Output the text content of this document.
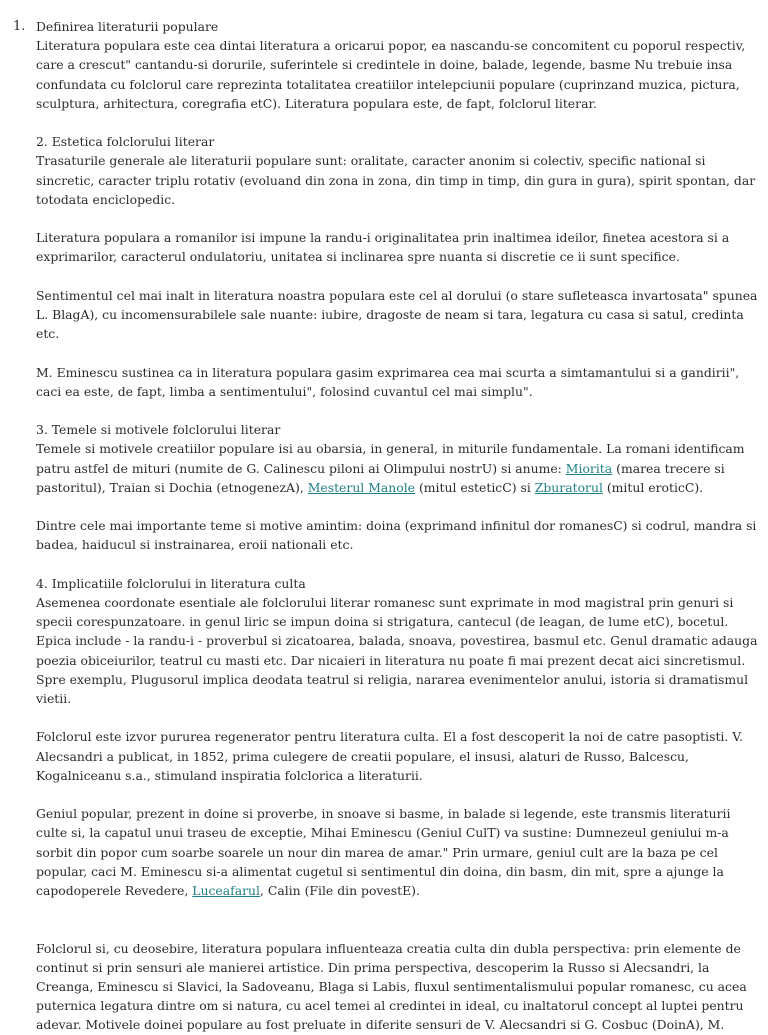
1. Definirea literaturii populare

Literatura populara este cea dintai literatura a oricarui popor, ea nascandu-se concomitent cu poporul respectiv, care a crescut" cantandu-si dorurile, suferintele si credintele in doine, balade, legende, basme Nu trebuie insa confundata cu folclorul care reprezinta totalitatea creatiilor intelepciunii populare (cuprinzand muzica, pictura, sculptura, arhitectura, coregrafia etC). Literatura populara este, de fapt, folclorul literar.

2. Estetica folclorului literar

Trasaturile generale ale literaturii populare sunt: oralitate, caracter anonim si colectiv, specific national si sincretic, caracter triplu rotativ (evoluand din zona in zona, din timp in timp, din gura in gura), spirit spontan, dar totodata enciclopedic.

Literatura populara a romanilor isi impune la randu-i originalitatea prin inaltimea ideilor, finetea acestora si a exprimarilor, caracterul ondulatoriu, unitatea si inclinarea spre nuanta si discretie ce ii sunt specifice.

Sentimentul cel mai inalt in literatura noastra populara este cel al dorului (o stare sufleteasca invartosata" spunea L. BlagA), cu incomensurabilele sale nuante: iubire, dragoste de neam si tara, legatura cu casa si satul, credinta etc.

M. Eminescu sustinea ca in literatura populara gasim exprimarea cea mai scurta a simtamantului si a gandirii", caci ea este, de fapt, limba a sentimentului", folosind cuvantul cel mai simplu".

3. Temele si motivele folclorului literar

Temele si motivele creatiilor populare isi au obarsia, in general, in miturile fundamentale. La romani identificam patru astfel de mituri (numite de G. Calinescu piloni ai Olimpului nostrU) si anume: Miorita (marea trecere si pastoritul), Traian si Dochia (etnogenezA), Mesterul Manole (mitul esteticC) si Zburatorul (mitul eroticC).

Dintre cele mai importante teme si motive amintim: doina (exprimand infinitul dor romanesC) si codrul, mandra si badea, haiducul si instrainarea, eroii nationali etc.

4. Implicatiile folclorului in literatura culta

Asemenea coordonate esentiale ale folclorului literar romanesc sunt exprimate in mod magistral prin genuri si specii corespunzatoare. in genul liric se impun doina si strigatura, cantecul (de leagan, de lume etC), bocetul. Epica include - la randu-i - proverbul si zicatoarea, balada, snoava, povestirea, basmul etc. Genul dramatic adauga poezia obiceiurilor, teatrul cu masti etc. Dar nicaieri in literatura nu poate fi mai prezent decat aici sincretismul. Spre exemplu, Plugusorul implica deodata teatrul si religia, nararea evenimentelor anului, istoria si dramatismul vietii.

Folclorul este izvor pururea regenerator pentru literatura culta. El a fost descoperit la noi de catre pasoptisti. V. Alecsandri a publicat, in 1852, prima culegere de creatii populare, el insusi, alaturi de Russo, Balcescu, Kogalniceanu s.a., stimuland inspiratia folclorica a literaturii.

Geniul popular, prezent in doine si proverbe, in snoave si basme, in balade si legende, este transmis literaturii culte si, la capatul unui traseu de exceptie, Mihai Eminescu (Geniul CulT) va sustine: Dumnezeul geniului m-a sorbit din popor cum soarbe soarele un nour din marea de amar." Prin urmare, geniul cult are la baza pe cel popular, caci M. Eminescu si-a alimentat cugetul si sentimentul din doina, din basm, din mit, spre a ajunge la capodoperele Revedere, Luceafarul, Calin (File din povestE).

Folclorul si, cu deosebire, literatura populara influenteaza creatia culta din dubla perspectiva: prin elemente de continut si prin sensuri ale manierei artistice. Din prima perspectiva, descoperim la Russo si Alecsandri, la Creanga, Eminescu si Slavici, la Sadoveanu, Blaga si Labis, fluxul sentimentalismului popular romanesc, cu acea puternica legatura dintre om si natura, cu acel temei al credintei in ideal, cu inaltatorul concept al luptei pentru adevar. Motivele doinei populare au fost preluate in diferite sensuri de V. Alecsandri si G. Cosbuc (DoinA), M.
